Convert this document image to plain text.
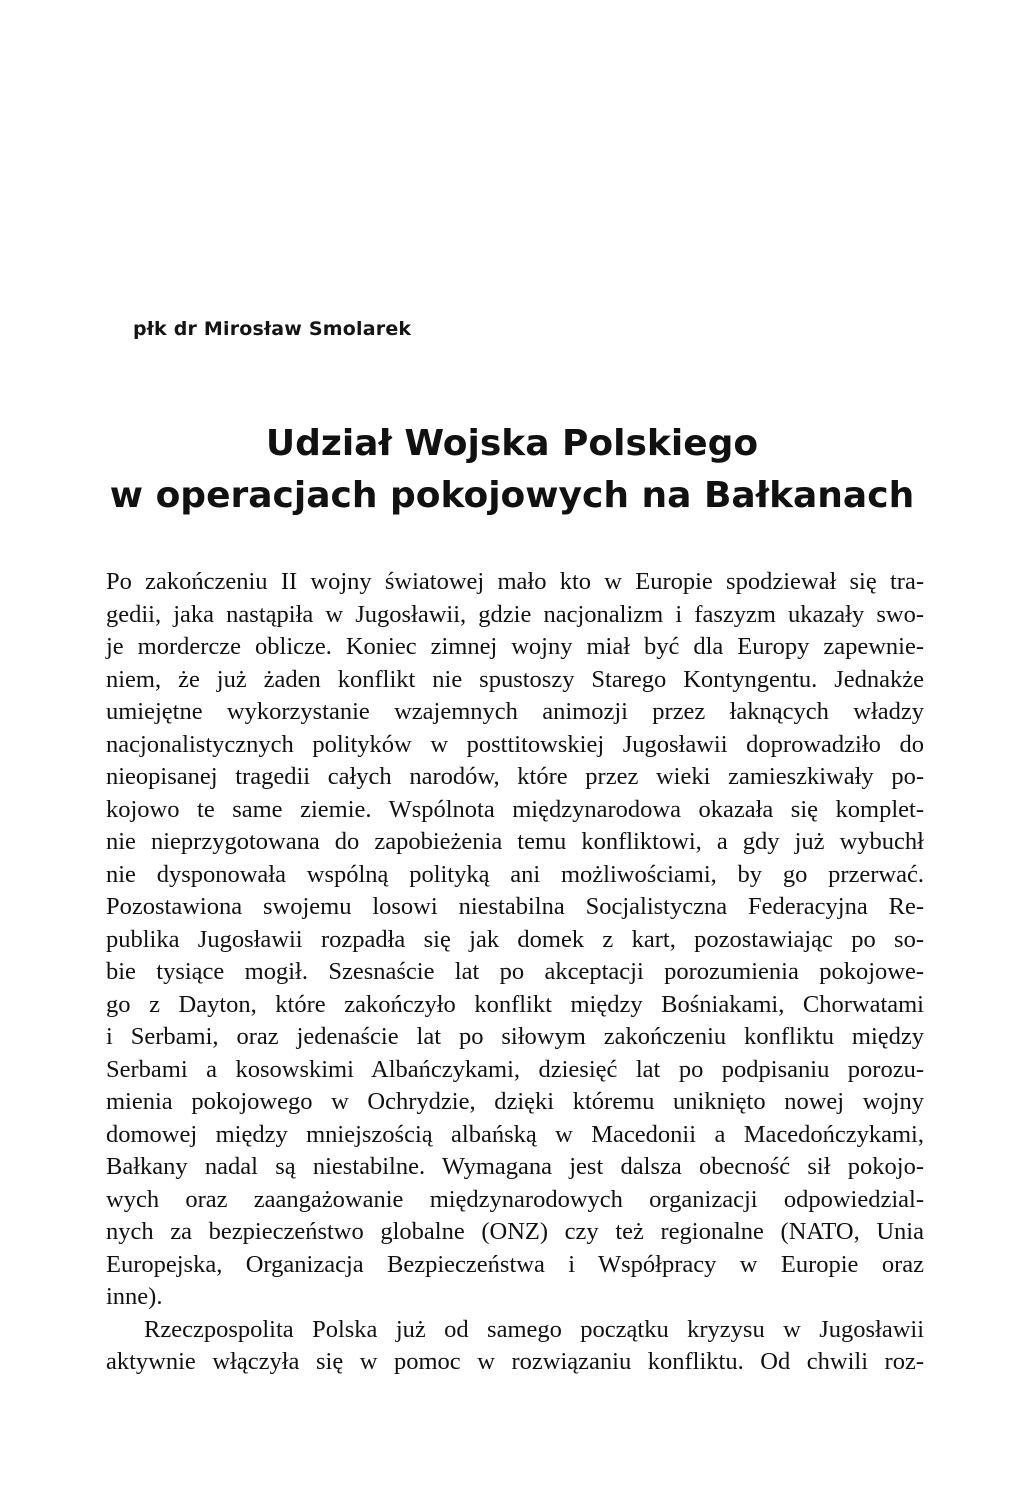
płk dr Mirosław Smolarek
Udział Wojska Polskiego
w operacjach pokojowych na Bałkanach
Po zakończeniu II wojny światowej mało kto w Europie spodziewał się tra-
gedii, jaka nastąpiła w Jugosławii, gdzie nacjonalizm i faszyzm ukazały swo-
je mordercze oblicze. Koniec zimnej wojny miał być dla Europy zapewnie-
niem, że już żaden konflikt nie spustoszy Starego Kontyngentu. Jednakże
umiejętne wykorzystanie wzajemnych animozji przez łaknących władzy
nacjonalistycznych polityków w posttitowskiej Jugosławii doprowadziło do
nieopisanej tragedii całych narodów, które przez wieki zamieszkiwały po-
kojowo te same ziemie. Wspólnota międzynarodowa okazała się komplet-
nie nieprzygotowana do zapobieżenia temu konfliktowi, a gdy już wybuchł
nie dysponowała wspólną polityką ani możliwościami, by go przerwać.
Pozostawiona swojemu losowi niestabilna Socjalistyczna Federacyjna Re-
publika Jugosławii rozpadła się jak domek z kart, pozostawiając po so-
bie tysiące mogił. Szesnaście lat po akceptacji porozumienia pokojowe-
go z Dayton, które zakończyło konflikt między Bośniakami, Chorwatami
i Serbami, oraz jedenaście lat po siłowym zakończeniu konfliktu między
Serbami a kosowskimi Albańczykami, dziesięć lat po podpisaniu porozu-
mienia pokojowego w Ochrydzie, dzięki któremu uniknięto nowej wojny
domowej między mniejszością albańską w Macedonii a Macedończykami,
Bałkany nadal są niestabilne. Wymagana jest dalsza obecność sił pokojo-
wych oraz zaangażowanie międzynarodowych organizacji odpowiedzial-
nych za bezpieczeństwo globalne (ONZ) czy też regionalne (NATO, Unia
Europejska, Organizacja Bezpieczeństwa i Współpracy w Europie oraz
inne).
Rzeczpospolita Polska już od samego początku kryzysu w Jugosławii
aktywnie włączyła się w pomoc w rozwiązaniu konfliktu. Od chwili roz-
